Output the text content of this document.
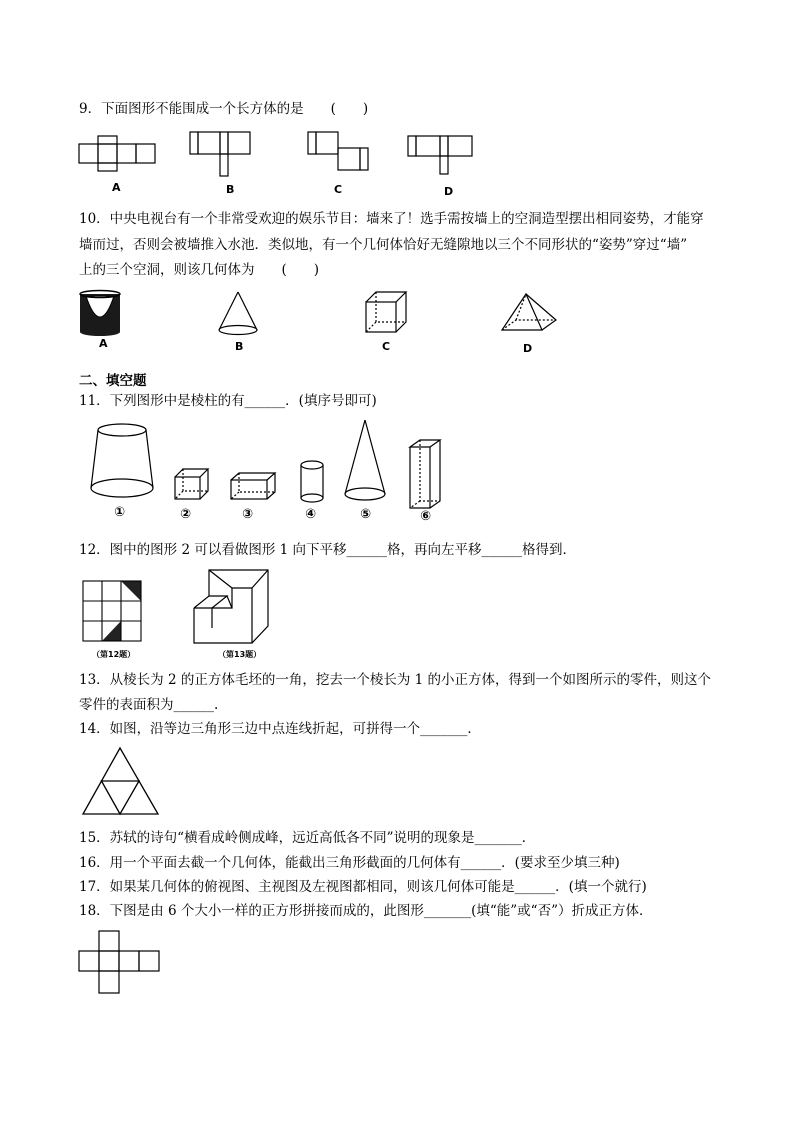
9．下面图形不能围成一个长方体的是　　(　　)
A	B	C	D
10．中央电视台有一个非常受欢迎的娱乐节目：墙来了！选手需按墙上的空洞造型摆出相同姿势，才能穿
墙而过，否则会被墙推入水池．类似地，有一个几何体恰好无缝隙地以三个不同形状的“姿势”穿过“墙”
上的三个空洞，则该几何体为　　(　　)
A	B	C	D
二、填空题
11．下列图形中是棱柱的有______．(填序号即可)
①	②	③	④	⑤	⑥
12．图中的图形 2 可以看做图形 1 向下平移______格，再向左平移______格得到．
（第12题）	（第13题）
13．从棱长为 2 的正方体毛坯的一角，挖去一个棱长为 1 的小正方体，得到一个如图所示的零件，则这个
零件的表面积为______.
14．如图，沿等边三角形三边中点连线折起，可拼得一个_______．
15．苏轼的诗句“横看成岭侧成峰，远近高低各不同”说明的现象是_______．
16．用一个平面去截一个几何体，能截出三角形截面的几何体有______．(要求至少填三种)
17．如果某几何体的俯视图、主视图及左视图都相同，则该几何体可能是______．(填一个就行)
18．下图是由 6 个大小一样的正方形拼接而成的，此图形_______(填“能”或“否”）折成正方体．
